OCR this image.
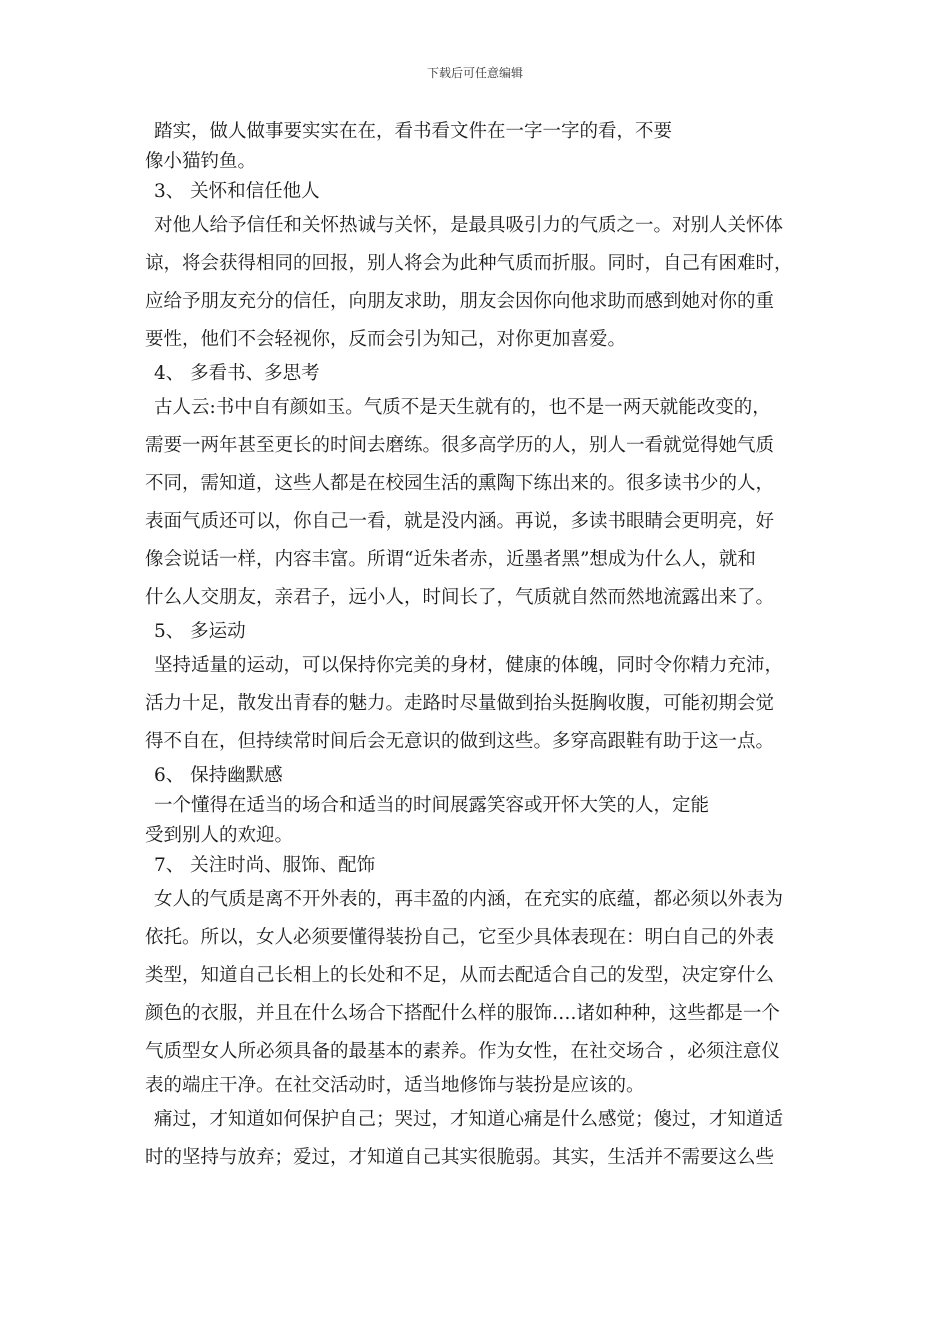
下载后可任意编辑
踏实，做人做事要实实在在，看书看文件在一字一字的看，不要
像小猫钓鱼。
3、 关怀和信任他人
对他人给予信任和关怀热诚与关怀，是最具吸引力的气质之一。对别人关怀体
谅，将会获得相同的回报，别人将会为此种气质而折服。同时，自己有困难时，
应给予朋友充分的信任，向朋友求助，朋友会因你向他求助而感到她对你的重
要性，他们不会轻视你，反而会引为知己，对你更加喜爱。
4、 多看书、多思考
古人云:书中自有颜如玉。气质不是天生就有的，也不是一两天就能改变的，
需要一两年甚至更长的时间去磨练。很多高学历的人，别人一看就觉得她气质
不同，需知道，这些人都是在校园生活的熏陶下练出来的。很多读书少的人，
表面气质还可以，你自己一看，就是没内涵。再说，多读书眼睛会更明亮，好
像会说话一样，内容丰富。所谓“近朱者赤，近墨者黑”想成为什么人，就和
什么人交朋友，亲君子，远小人，时间长了，气质就自然而然地流露出来了。
5、 多运动
坚持适量的运动，可以保持你完美的身材，健康的体魄，同时令你精力充沛，
活力十足，散发出青春的魅力。走路时尽量做到抬头挺胸收腹，可能初期会觉
得不自在，但持续常时间后会无意识的做到这些。多穿高跟鞋有助于这一点。
6、 保持幽默感
一个懂得在适当的场合和适当的时间展露笑容或开怀大笑的人，定能
受到别人的欢迎。
7、 关注时尚、服饰、配饰
女人的气质是离不开外表的，再丰盈的内涵，在充实的底蕴，都必须以外表为
依托。所以，女人必须要懂得装扮自己，它至少具体表现在：明白自己的外表
类型，知道自己长相上的长处和不足，从而去配适合自己的发型，决定穿什么
颜色的衣服，并且在什么场合下搭配什么样的服饰….诸如种种，这些都是一个
气质型女人所必须具备的最基本的素养。作为女性，在社交场合 ，必须注意仪
表的端庄干净。在社交活动时，适当地修饰与装扮是应该的。
痛过，才知道如何保护自己；哭过，才知道心痛是什么感觉；傻过，才知道适
时的坚持与放弃；爱过，才知道自己其实很脆弱。其实，生活并不需要这么些
